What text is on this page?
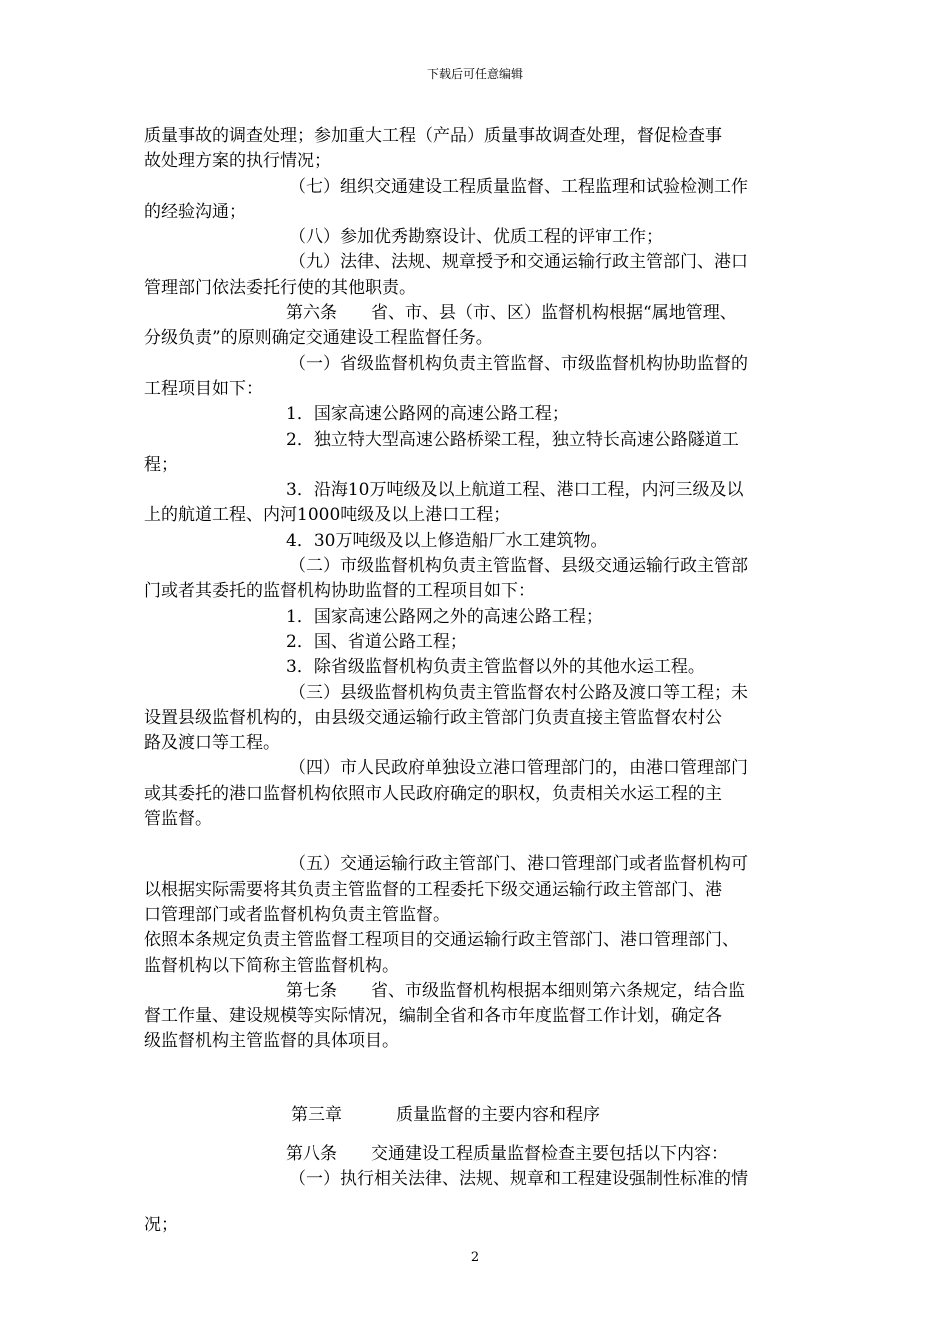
下载后可任意编辑
质量事故的调查处理；参加重大工程（产品）质量事故调查处理，督促检查事
故处理方案的执行情况；
（七）组织交通建设工程质量监督、工程监理和试验检测工作
的经验沟通；
（八）参加优秀勘察设计、优质工程的评审工作；
（九）法律、法规、规章授予和交通运输行政主管部门、港口
管理部门依法委托行使的其他职责。
第六条　　省、市、县（市、区）监督机构根据“属地管理、
分级负责”的原则确定交通建设工程监督任务。
（一）省级监督机构负责主管监督、市级监督机构协助监督的
工程项目如下：
1．国家高速公路网的高速公路工程；
2．独立特大型高速公路桥梁工程，独立特长高速公路隧道工
程；
3．沿海10万吨级及以上航道工程、港口工程，内河三级及以
上的航道工程、内河1000吨级及以上港口工程；
4．30万吨级及以上修造船厂水工建筑物。
（二）市级监督机构负责主管监督、县级交通运输行政主管部
门或者其委托的监督机构协助监督的工程项目如下：
1．国家高速公路网之外的高速公路工程；
2．国、省道公路工程；
3．除省级监督机构负责主管监督以外的其他水运工程。
（三）县级监督机构负责主管监督农村公路及渡口等工程；未
设置县级监督机构的，由县级交通运输行政主管部门负责直接主管监督农村公
路及渡口等工程。
（四）市人民政府单独设立港口管理部门的，由港口管理部门
或其委托的港口监督机构依照市人民政府确定的职权，负责相关水运工程的主
管监督。
（五）交通运输行政主管部门、港口管理部门或者监督机构可
以根据实际需要将其负责主管监督的工程委托下级交通运输行政主管部门、港
口管理部门或者监督机构负责主管监督。
依照本条规定负责主管监督工程项目的交通运输行政主管部门、港口管理部门、
监督机构以下简称主管监督机构。
第七条　　省、市级监督机构根据本细则第六条规定，结合监
督工作量、建设规模等实际情况，编制全省和各市年度监督工作计划，确定各
级监督机构主管监督的具体项目。
第三章	质量监督的主要内容和程序
第八条　　交通建设工程质量监督检查主要包括以下内容：
（一）执行相关法律、法规、规章和工程建设强制性标准的情
况；
2
